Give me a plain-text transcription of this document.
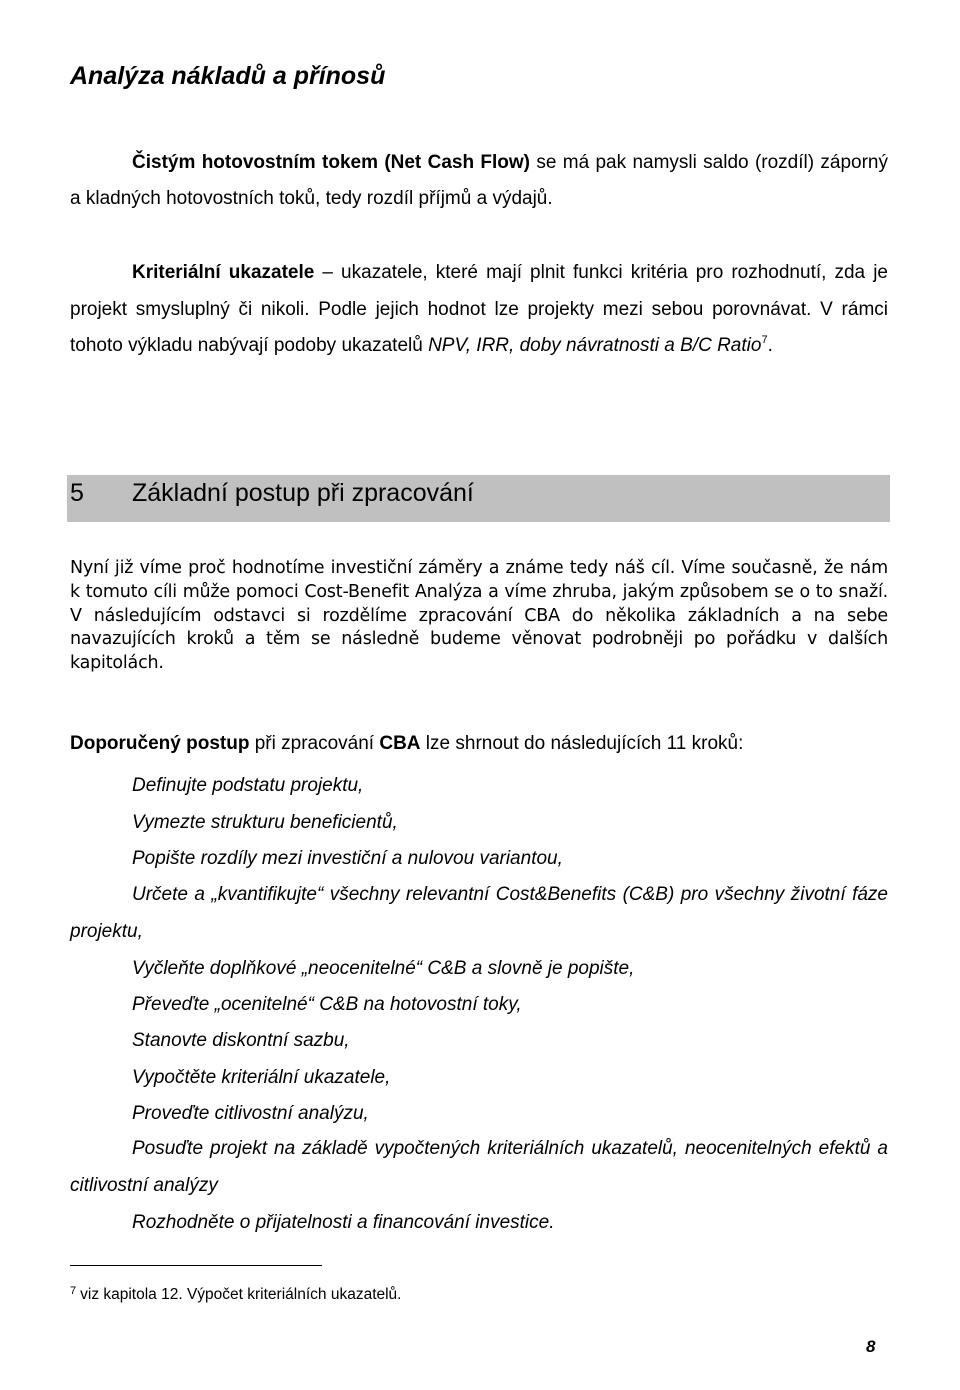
Analýza nákladů a přínosů

Čistým hotovostním tokem (Net Cash Flow) se má pak namysli saldo (rozdíl) záporný a kladných hotovostních toků, tedy rozdíl příjmů a výdajů.

Kriteriální ukazatele – ukazatele, které mají plnit funkci kritéria pro rozhodnutí, zda je projekt smysluplný či nikoli. Podle jejich hodnot lze projekty mezi sebou porovnávat. V rámci tohoto výkladu nabývají podoby ukazatelů NPV, IRR, doby návratnosti a B/C Ratio$^7$.

5 Základní postup při zpracování

Nyní již víme proč hodnotíme investiční záměry a známe tedy náš cíl. Víme současně, že nám k tomuto cíli může pomoci Cost-Benefit Analýza a víme zhruba, jakým způsobem se o to snaží. V následujícím odstavci si rozdělíme zpracování CBA do několika základních a na sebe navazujících kroků a těm se následně budeme věnovat podrobněji po pořádku v dalších kapitolách.

Doporučený postup při zpracování CBA lze shrnout do následujících 11 kroků:

Definujte podstatu projektu,
Vymezte strukturu beneficientů,
Popište rozdíly mezi investiční a nulovou variantou,
Určete a „kvantifikujte“ všechny relevantní Cost&Benefits (C&B) pro všechny životní fáze projektu,
Vyčleňte doplňkové „neocenitelné“ C&B a slovně je popište,
Převeďte „ocenitelné“ C&B na hotovostní toky,
Stanovte diskontní sazbu,
Vypočtěte kriteriální ukazatele,
Proveďte citlivostní analýzu,
Posuďte projekt na základě vypočtených kriteriálních ukazatelů, neocenitelných efektů a citlivostní analýzy
Rozhodněte o přijatelnosti a financování investice.
$^7$ viz kapitola 12. Výpočet kriteriálních ukazatelů.
8
